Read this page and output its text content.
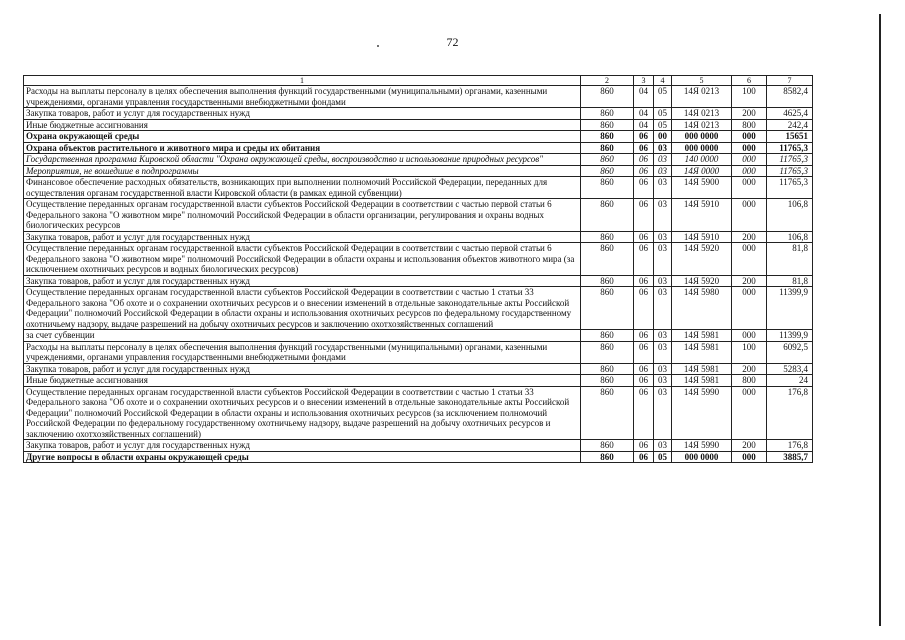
72
1	2	3	4	5	6	7
Расходы на выплаты персоналу в целях обеспечения выполнения функций государственными (муниципальными) органами, казенными учреждениями, органами управления государственными внебюджетными фондами	860	04	05	14Я 0213	100	8582,4
Закупка товаров, работ и услуг для государственных нужд	860	04	05	14Я 0213	200	4625,4
Иные бюджетные ассигнования	860	04	05	14Я 0213	800	242,4
Охрана окружающей среды	860	06	00	000 0000	000	15651
Охрана объектов растительного и животного мира и среды их обитания	860	06	03	000 0000	000	11765,3
Государственная программа Кировской области "Охрана окружающей среды, воспроизводство и использование природных ресурсов"	860	06	03	140 0000	000	11765,3
Мероприятия, не вошедшие в подпрограммы	860	06	03	14Я 0000	000	11765,3
Финансовое обеспечение расходных обязательств, возникающих при выполнении полномочий Российской Федерации, переданных для осуществления органам государственной власти Кировской области (в рамках единой субвенции)	860	06	03	14Я 5900	000	11765,3
Осуществление переданных органам государственной власти субъектов Российской Федерации в соответствии с частью первой статьи 6 Федерального закона "О животном мире" полномочий Российской Федерации в области организации, регулирования и охраны водных биологических ресурсов	860	06	03	14Я 5910	000	106,8
Закупка товаров, работ и услуг для государственных нужд	860	06	03	14Я 5910	200	106,8
Осуществление переданных органам государственной власти субъектов Российской Федерации в соответствии с частью первой статьи 6 Федерального закона "О животном мире" полномочий Российской Федерации в области охраны и использования объектов животного мира (за исключением охотничьих ресурсов и водных биологических ресурсов)	860	06	03	14Я 5920	000	81,8
Закупка товаров, работ и услуг для государственных нужд	860	06	03	14Я 5920	200	81,8
Осуществление переданных органам государственной власти субъектов Российской Федерации в соответствии с частью 1 статьи 33 Федерального закона "Об охоте и о сохранении охотничьих ресурсов и о внесении изменений в отдельные законодательные акты Российской Федерации" полномочий Российской Федерации в области охраны и использования охотничьих ресурсов по федеральному государственному охотничьему надзору, выдаче разрешений на добычу охотничьих ресурсов и заключению охотхозяйственных соглашений	860	06	03	14Я 5980	000	11399,9
за счет субвенции	860	06	03	14Я 5981	000	11399,9
Расходы на выплаты персоналу в целях обеспечения выполнения функций государственными (муниципальными) органами, казенными учреждениями, органами управления государственными внебюджетными фондами	860	06	03	14Я 5981	100	6092,5
Закупка товаров, работ и услуг для государственных нужд	860	06	03	14Я 5981	200	5283,4
Иные бюджетные ассигнования	860	06	03	14Я 5981	800	24
Осуществление переданных органам государственной власти субъектов Российской Федерации в соответствии с частью 1 статьи 33 Федерального закона "Об охоте и о сохранении охотничьих ресурсов и о внесении изменений в отдельные законодательные акты Российской Федерации" полномочий Российской Федерации в области охраны и использования охотничьих ресурсов (за исключением полномочий Российской Федерации по федеральному государственному охотничьему надзору, выдаче разрешений на добычу охотничьих ресурсов и заключению охотхозяйственных соглашений)	860	06	03	14Я 5990	000	176,8
Закупка товаров, работ и услуг для государственных нужд	860	06	03	14Я 5990	200	176,8
Другие вопросы в области охраны окружающей среды	860	06	05	000 0000	000	3885,7
